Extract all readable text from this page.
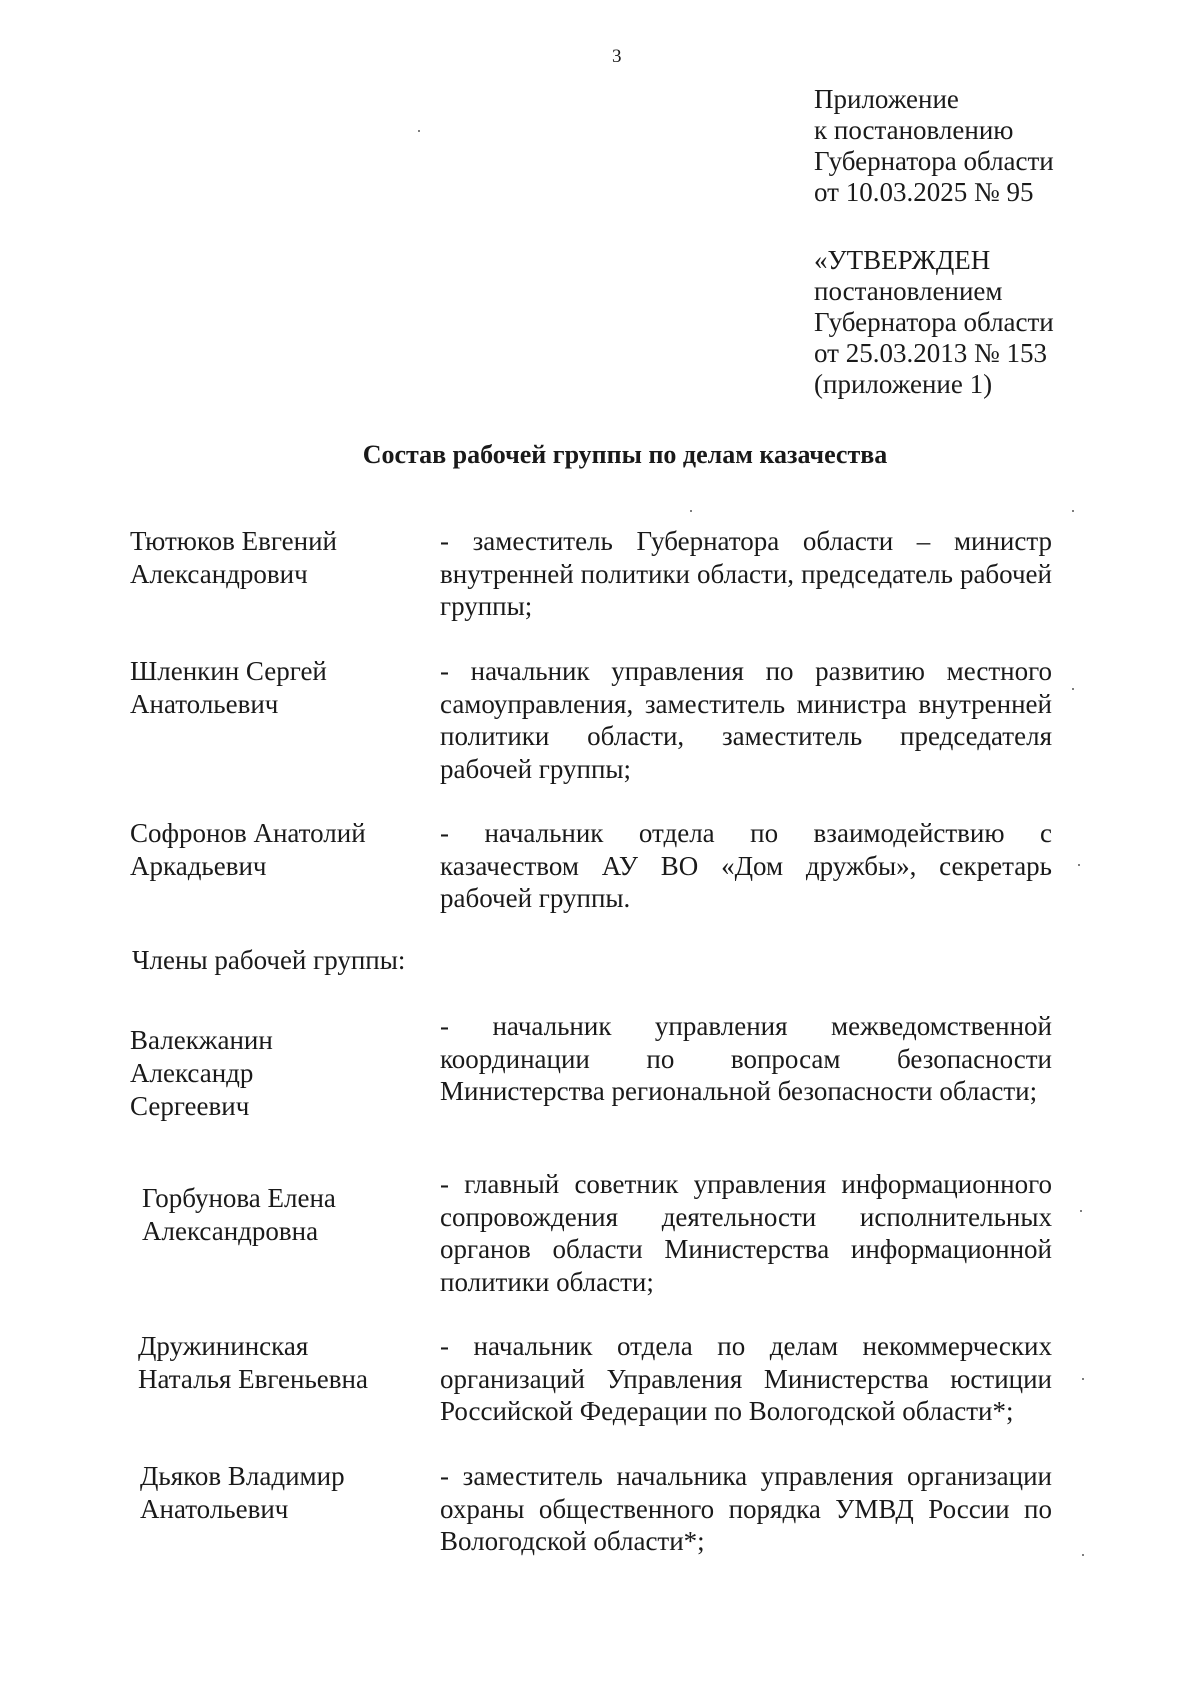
3
Приложение
к постановлению
Губернатора области
от 10.03.2025 № 95
«УТВЕРЖДЕН
постановлением
Губернатора области
от 25.03.2013 № 153
(приложение 1)
Состав рабочей группы по делам казачества
Тютюков Евгений
Александрович
- заместитель Губернатора области – министр внутренней политики области, председатель рабочей группы;
Шленкин Сергей
Анатольевич
- начальник управления по развитию местного самоуправления, заместитель министра внутренней политики области, заместитель председателя рабочей группы;
Софронов Анатолий
Аркадьевич
- начальник отдела по взаимодействию с казачеством АУ ВО «Дом дружбы», секретарь рабочей группы.
Члены рабочей группы:
Валекжанин
Александр
Сергеевич
- начальник управления межведомственной координации по вопросам безопасности Министерства региональной безопасности области;
Горбунова Елена
Александровна
- главный советник управления информационного сопровождения деятельности исполнительных органов области Министерства информационной политики области;
Дружининская
Наталья Евгеньевна
- начальник отдела по делам некоммерческих организаций Управления Министерства юстиции Российской Федерации по Вологодской области*;
Дьяков Владимир
Анатольевич
- заместитель начальника управления организации охраны общественного порядка УМВД России по Вологодской области*;
